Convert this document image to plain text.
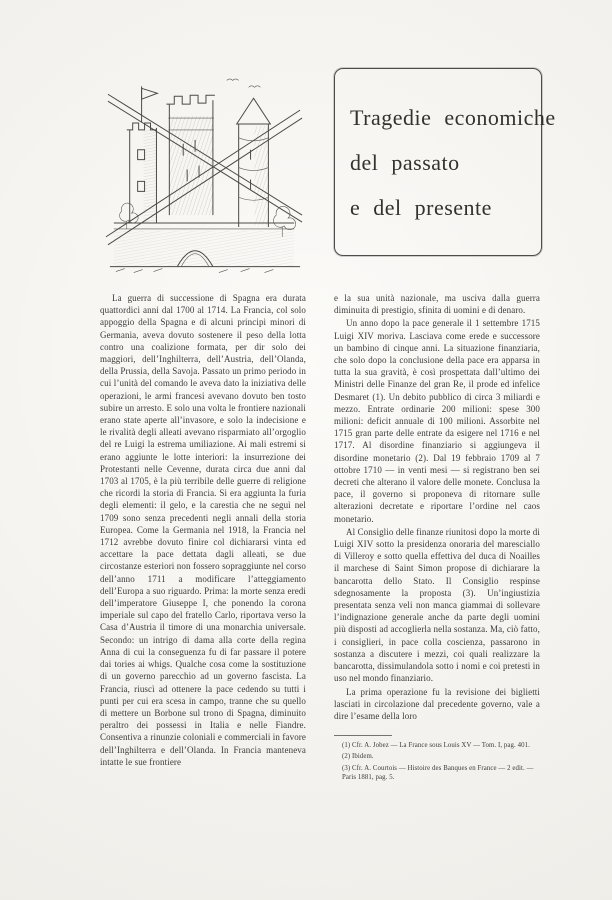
Tragedie economiche
del passato
e del presente

La guerra di successione di Spagna era durata quattordici anni dal 1700 al 1714. La Francia, col solo appoggio della Spagna e di alcuni principi minori di Germania, aveva dovuto sostenere il peso della lotta contro una coalizione formata, per dir solo dei maggiori, dell’Inghilterra, dell’Austria, dell’Olanda, della Prussia, della Savoja. Passato un primo periodo in cui l’unità del comando le aveva dato la iniziativa delle operazioni, le armi francesi avevano dovuto ben tosto subire un arresto. E solo una volta le frontiere nazionali erano state aperte all’invasore, e solo la indecisione e le rivalità degli alleati avevano risparmiato all’orgoglio del re Luigi la estrema umiliazione. Ai mali estremi si erano aggiunte le lotte interiori: la insurrezione dei Protestanti nelle Cevenne, durata circa due anni dal 1703 al 1705, è la più terribile delle guerre di religione che ricordi la storia di Francia. Si era aggiunta la furia degli elementi: il gelo, e la carestia che ne seguì nel 1709 sono senza precedenti negli annali della storia Europea. Come la Germania nel 1918, la Francia nel 1712 avrebbe dovuto finire col dichiararsi vinta ed accettare la pace dettata dagli alleati, se due circostanze esteriori non fossero sopraggiunte nel corso dell’anno 1711 a modificare l’atteggiamento dell’Europa a suo riguardo. Prima: la morte senza eredi dell’imperatore Giuseppe I, che ponendo la corona imperiale sul capo del fratello Carlo, riportava verso la Casa d’Austria il timore di una monarchia universale. Secondo: un intrigo di dama alla corte della regina Anna di cui la conseguenza fu di far passare il potere dai tories ai whigs. Qualche cosa come la sostituzione di un governo parecchio ad un governo fascista. La Francia, riuscì ad ottenere la pace cedendo su tutti i punti per cui era scesa in campo, tranne che su quello di mettere un Borbone sul trono di Spagna, diminuito peraltro dei possessi in Italia e nelle Fiandre. Consentiva a rinunzie coloniali e commerciali in favore dell’Inghilterra e dell’Olanda. In Francia manteneva intatte le sue frontiere

e la sua unità nazionale, ma usciva dalla guerra diminuita di prestigio, sfinita di uomini e di denaro.

Un anno dopo la pace generale il 1 settembre 1715 Luigi XIV moriva. Lasciava come erede e successore un bambino di cinque anni. La situazione finanziaria, che solo dopo la conclusione della pace era apparsa in tutta la sua gravità, è così prospettata dall’ultimo dei Ministri delle Finanze del gran Re, il prode ed infelice Desmaret (1). Un debito pubblico di circa 3 miliardi e mezzo. Entrate ordinarie 200 milioni: spese 300 milioni: deficit annuale di 100 milioni. Assorbite nel 1715 gran parte delle entrate da esigere nel 1716 e nel 1717. Al disordine finanziario si aggiungeva il disordine monetario (2). Dal 19 febbraio 1709 al 7 ottobre 1710 — in venti mesi — si registrano ben sei decreti che alterano il valore delle monete. Conclusa la pace, il governo si proponeva di ritornare sulle alterazioni decretate e riportare l’ordine nel caos monetario.

Al Consiglio delle finanze riunitosi dopo la morte di Luigi XIV sotto la presidenza onoraria del maresciallo di Villeroy e sotto quella effettiva del duca di Noailles il marchese di Saint Simon propose di dichiarare la bancarotta dello Stato. Il Consiglio respinse sdegnosamente la proposta (3). Un’ingiustizia presentata senza veli non manca giammai di sollevare l’indignazione generale anche da parte degli uomini più disposti ad accoglierla nella sostanza. Ma, ciò fatto, i consiglieri, in pace colla coscienza, passarono in sostanza a discutere i mezzi, coi quali realizzare la bancarotta, dissimulandola sotto i nomi e coi pretesti in uso nel mondo finanziario.

La prima operazione fu la revisione dei biglietti lasciati in circolazione dal precedente governo, vale a dire l’esame della loro

(1) Cfr. A. Jobez — La France sous Louis XV — Tom. I, pag. 401.

(2) Ibidem.

(3) Cfr. A. Courtois — Histoire des Banques en France — 2 edit. — Paris 1881, pag. 5.
